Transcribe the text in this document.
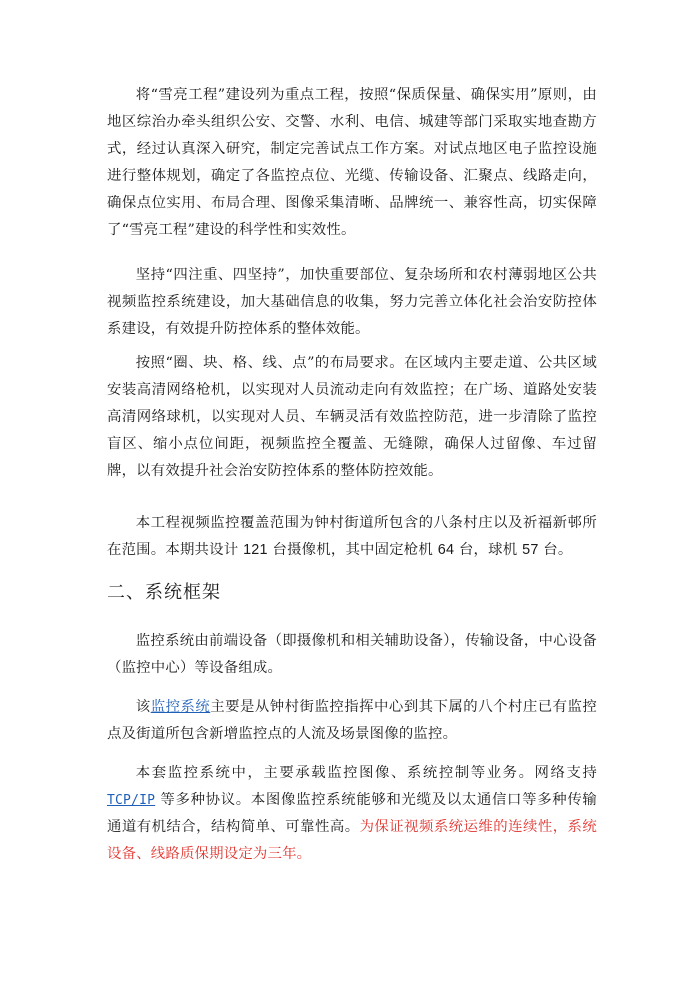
将“雪亮工程”建设列为重点工程，按照“保质保量、确保实用”原则，由地区综治办牵头组织公安、交警、水利、电信、城建等部门采取实地查勘方式，经过认真深入研究，制定完善试点工作方案。对试点地区电子监控设施进行整体规划，确定了各监控点位、光缆、传输设备、汇聚点、线路走向，确保点位实用、布局合理、图像采集清晰、品牌统一、兼容性高，切实保障了“雪亮工程”建设的科学性和实效性。

坚持“四注重、四坚持”，加快重要部位、复杂场所和农村薄弱地区公共视频监控系统建设，加大基础信息的收集，努力完善立体化社会治安防控体系建设，有效提升防控体系的整体效能。

按照“圈、块、格、线、点”的布局要求。在区域内主要走道、公共区域安装高清网络枪机，以实现对人员流动走向有效监控；在广场、道路处安装高清网络球机，以实现对人员、车辆灵活有效监控防范，进一步清除了监控盲区、缩小点位间距，视频监控全覆盖、无缝隙，确保人过留像、车过留牌，以有效提升社会治安防控体系的整体防控效能。

本工程视频监控覆盖范围为钟村街道所包含的八条村庄以及祈福新邨所在范围。本期共设计 121 台摄像机，其中固定枪机 64 台，球机 57 台。

二、系统框架

监控系统由前端设备（即摄像机和相关辅助设备），传输设备，中心设备（监控中心）等设备组成。

该监控系统主要是从钟村街监控指挥中心到其下属的八个村庄已有监控点及街道所包含新增监控点的人流及场景图像的监控。

本套监控系统中，主要承载监控图像、系统控制等业务。网络支持 TCP/IP 等多种协议。本图像监控系统能够和光缆及以太通信口等多种传输通道有机结合，结构简单、可靠性高。为保证视频系统运维的连续性，系统设备、线路质保期设定为三年。
